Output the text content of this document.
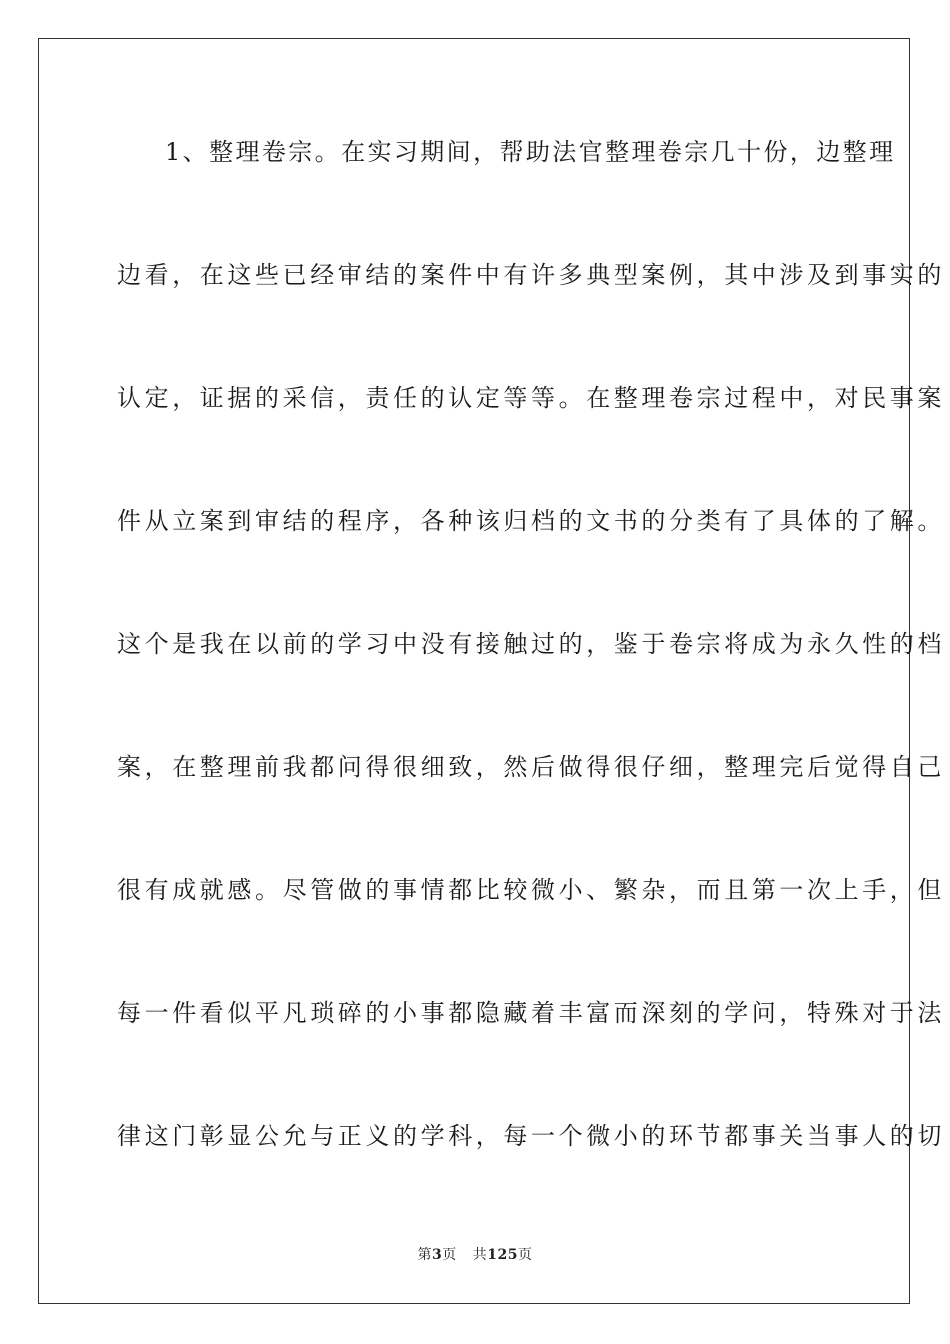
1、整理卷宗。在实习期间，帮助法官整理卷宗几十份，边整理
边看，在这些已经审结的案件中有许多典型案例，其中涉及到事实的
认定，证据的采信，责任的认定等等。在整理卷宗过程中，对民事案
件从立案到审结的程序，各种该归档的文书的分类有了具体的了解。
这个是我在以前的学习中没有接触过的，鉴于卷宗将成为永久性的档
案，在整理前我都问得很细致，然后做得很仔细，整理完后觉得自己
很有成就感。尽管做的事情都比较微小、繁杂，而且第一次上手，但
每一件看似平凡琐碎的小事都隐藏着丰富而深刻的学问，特殊对于法
律这门彰显公允与正义的学科，每一个微小的环节都事关当事人的切
第3页 共125页
